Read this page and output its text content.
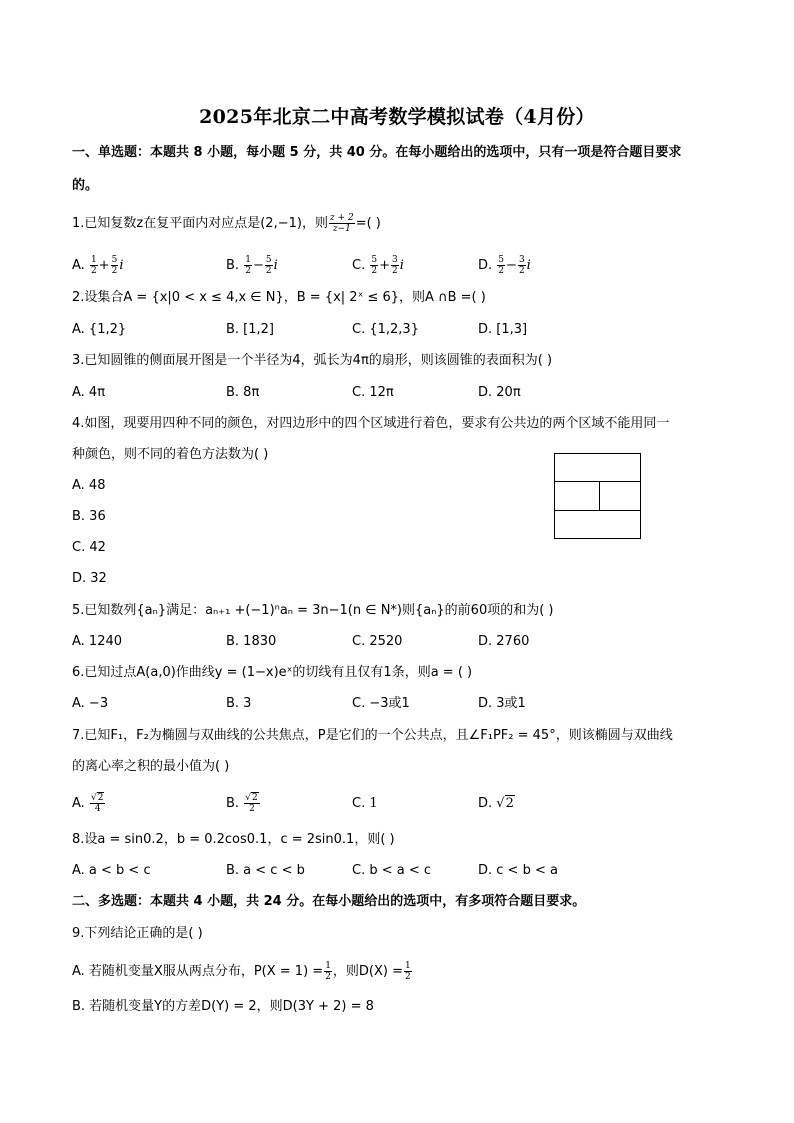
2025年北京二中高考数学模拟试卷（4月份）
一、单选题：本题共 8 小题，每小题 5 分，共 40 分。在每小题给出的选项中，只有一项是符合题目要求
的。
1.已知复数z在复平面内对应点是(2,−1)，则 $\frac{z + 2}{z-1}$ =( )
A. $\frac{1}{2} + \frac{5}{2}$ i	B. $\frac{1}{2} - \frac{5}{2}$ i	C. $\frac{5}{2} + \frac{3}{2}$ i	D. $\frac{5}{2} - \frac{3}{2}$ i
2.设集合A = {x|0 < x ≤ 4,x ∈ N}，B = {x| 2ˣ ≤ 6}，则A ∩B =( )
A. {1,2}	B. [1,2]	C. {1,2,3}	D. [1,3]
3.已知圆锥的侧面展开图是一个半径为4，弧长为4π的扇形，则该圆锥的表面积为( )
A. 4π	B. 8π	C. 12π	D. 20π
4.如图，现要用四种不同的颜色，对四边形中的四个区域进行着色，要求有公共边的两个区域不能用同一
种颜色，则不同的着色方法数为( )
A. 48
B. 36
C. 42
D. 32
5.已知数列{aₙ}满足：aₙ₊₁ +(−1)ⁿaₙ = 3n−1(n ∈ N*)则{aₙ}的前60项的和为( )
A. 1240	B. 1830	C. 2520	D. 2760
6.已知过点A(a,0)作曲线y = (1−x)eˣ的切线有且仅有1条，则a = ( )
A. −3	B. 3	C. −3或1	D. 3或1
7.已知F₁，F₂为椭圆与双曲线的公共焦点，P是它们的一个公共点，且∠F₁PF₂ = 45°，则该椭圆与双曲线
的离心率之积的最小值为( )
A. $\frac{√2}{4}$	B. $\frac{√2}{2}$	C. 1	D. √2
8.设a = sin0.2，b = 0.2cos0.1，c = 2sin0.1，则( )
A. a < b < c	B. a < c < b	C. b < a < c	D. c < b < a
二、多选题：本题共 4 小题，共 24 分。在每小题给出的选项中，有多项符合题目要求。
9.下列结论正确的是( )
A. 若随机变量X服从两点分布，$P(X = 1) = \frac{1}{2}$ ，则$D(X) = \frac{1}{2}$
B. 若随机变量Y的方差D(Y) = 2，则D(3Y + 2) = 8
